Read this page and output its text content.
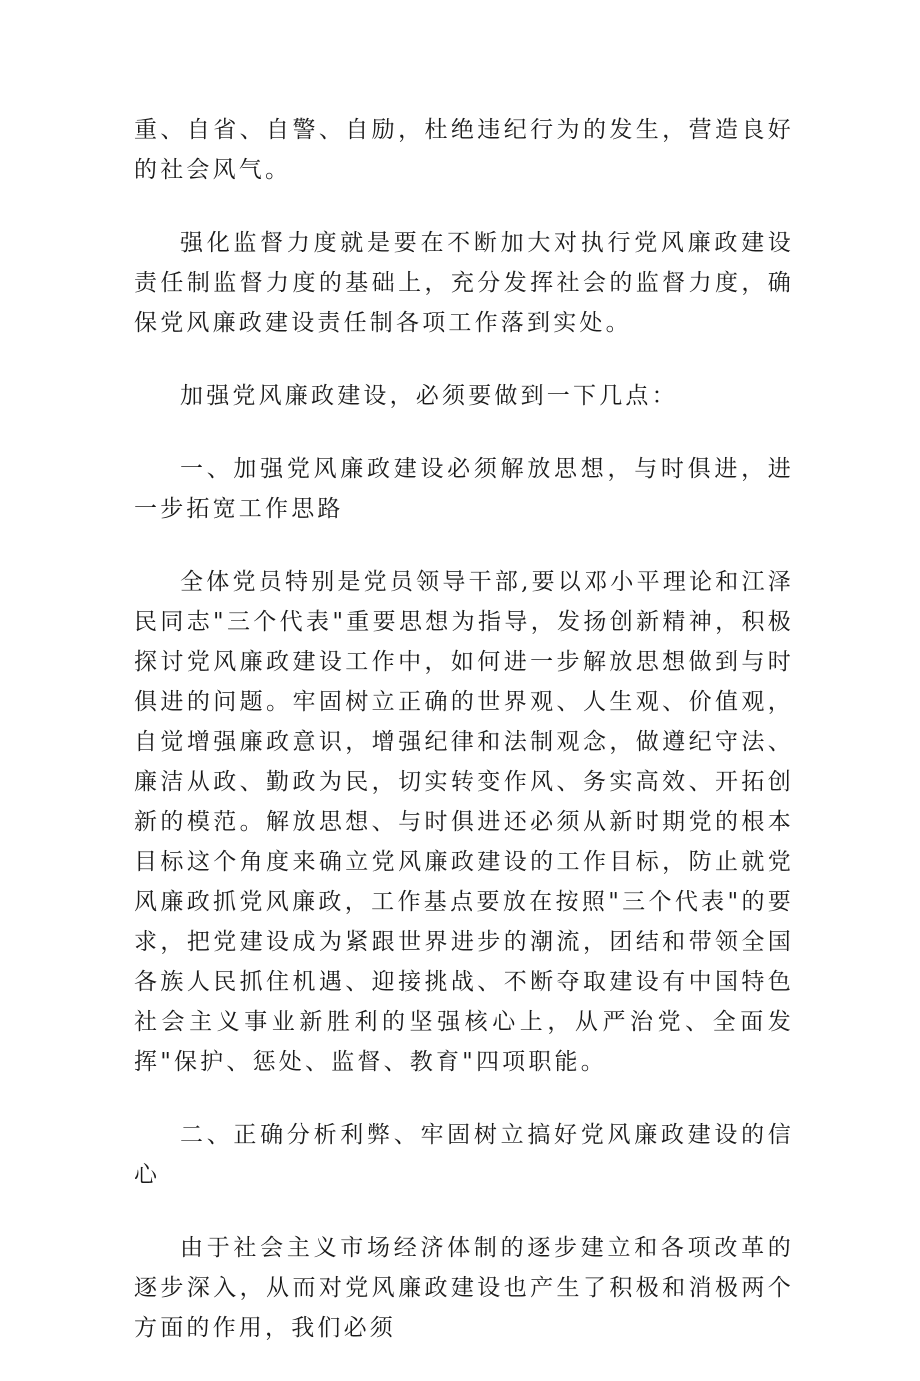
重、自省、自警、自励，杜绝违纪行为的发生，营造良好的社会风气。

强化监督力度就是要在不断加大对执行党风廉政建设责任制监督力度的基础上，充分发挥社会的监督力度，确保党风廉政建设责任制各项工作落到实处。

加强党风廉政建设，必须要做到一下几点：

一、加强党风廉政建设必须解放思想，与时俱进，进一步拓宽工作思路

全体党员特别是党员领导干部,要以邓小平理论和江泽民同志"三个代表"重要思想为指导，发扬创新精神，积极探讨党风廉政建设工作中，如何进一步解放思想做到与时俱进的问题。牢固树立正确的世界观、人生观、价值观，自觉增强廉政意识，增强纪律和法制观念，做遵纪守法、廉洁从政、勤政为民，切实转变作风、务实高效、开拓创新的模范。解放思想、与时俱进还必须从新时期党的根本目标这个角度来确立党风廉政建设的工作目标，防止就党风廉政抓党风廉政，工作基点要放在按照"三个代表"的要求，把党建设成为紧跟世界进步的潮流，团结和带领全国各族人民抓住机遇、迎接挑战、不断夺取建设有中国特色社会主义事业新胜利的坚强核心上，从严治党、全面发挥"保护、惩处、监督、教育"四项职能。

二、正确分析利弊、牢固树立搞好党风廉政建设的信心

由于社会主义市场经济体制的逐步建立和各项改革的逐步深入，从而对党风廉政建设也产生了积极和消极两个方面的作用，我们必须
